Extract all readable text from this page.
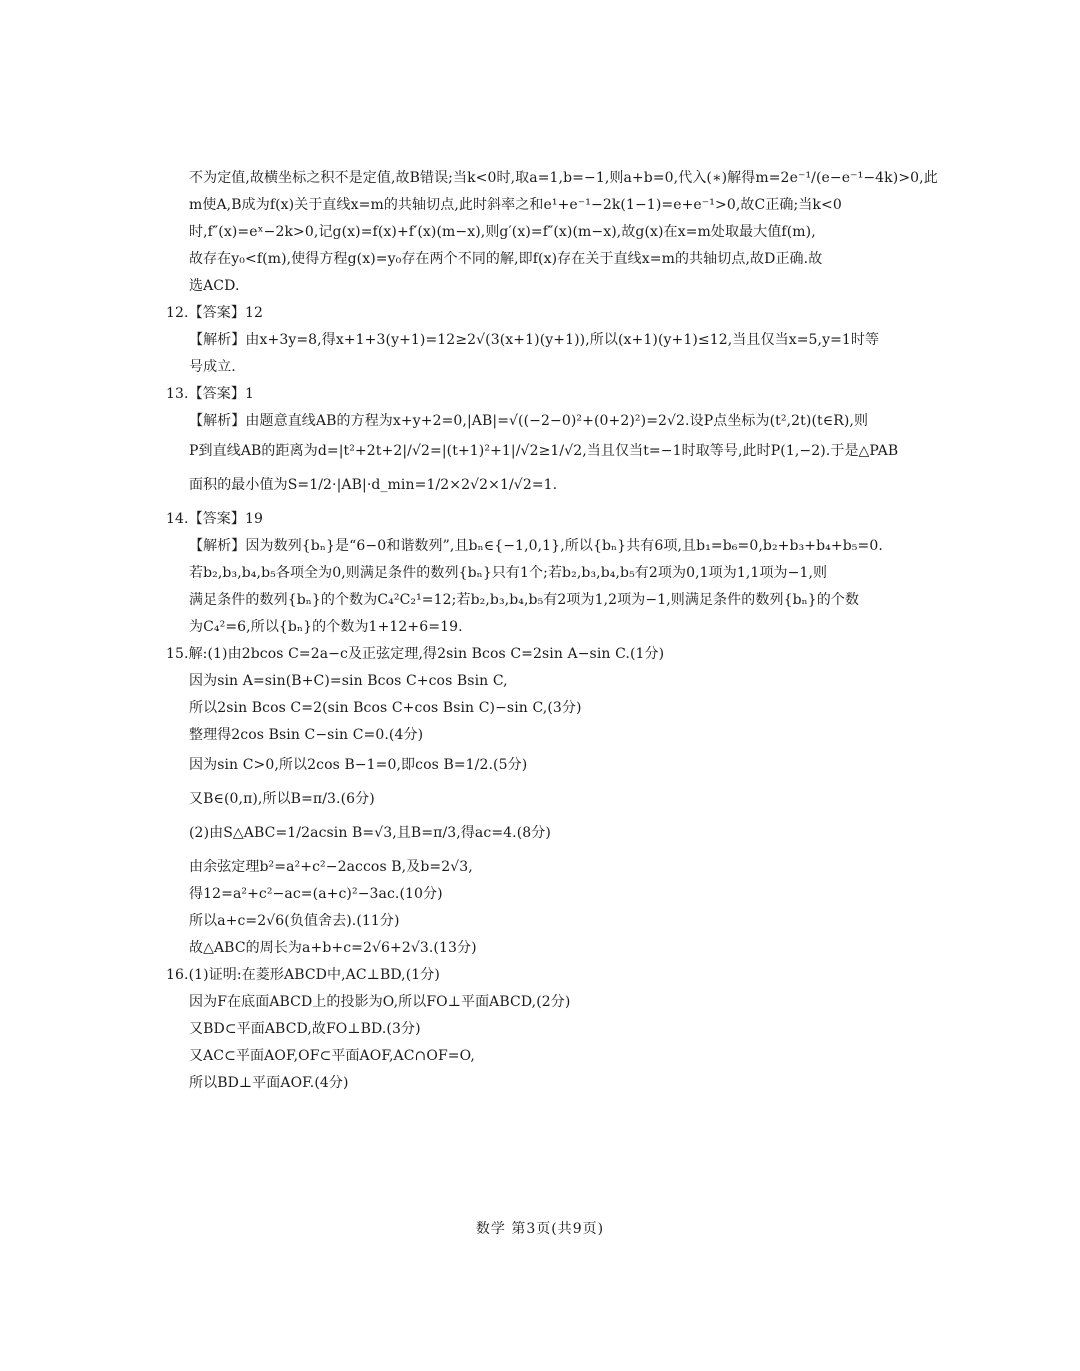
不为定值,故横坐标之积不是定值,故B错误;当k<0时,取a=1,b=−1,则a+b=0,代入(∗)解得m=2e⁻¹/(e−e⁻¹−4k)>0,此
m使A,B成为f(x)关于直线x=m的共轴切点,此时斜率之和e¹+e⁻¹−2k(1−1)=e+e⁻¹>0,故C正确;当k<0
时,f″(x)=eˣ−2k>0,记g(x)=f(x)+f′(x)(m−x),则g′(x)=f″(x)(m−x),故g(x)在x=m处取最大值f(m),
故存在y₀<f(m),使得方程g(x)=y₀存在两个不同的解,即f(x)存在关于直线x=m的共轴切点,故D正确.故
选ACD.
12.【答案】12
【解析】由x+3y=8,得x+1+3(y+1)=12≥2√(3(x+1)(y+1)),所以(x+1)(y+1)≤12,当且仅当x=5,y=1时等
号成立.
13.【答案】1
【解析】由题意直线AB的方程为x+y+2=0,|AB|=√((−2−0)²+(0+2)²)=2√2.设P点坐标为(t²,2t)(t∈R),则
P到直线AB的距离为d=|t²+2t+2|/√2=|(t+1)²+1|/√2≥1/√2,当且仅当t=−1时取等号,此时P(1,−2).于是△PAB
面积的最小值为S=1/2·|AB|·d_min=1/2×2√2×1/√2=1.
14.【答案】19
【解析】因为数列{bₙ}是“6−0和谐数列”,且bₙ∈{−1,0,1},所以{bₙ}共有6项,且b₁=b₆=0,b₂+b₃+b₄+b₅=0.
若b₂,b₃,b₄,b₅各项全为0,则满足条件的数列{bₙ}只有1个;若b₂,b₃,b₄,b₅有2项为0,1项为1,1项为−1,则
满足条件的数列{bₙ}的个数为C₄²C₂¹=12;若b₂,b₃,b₄,b₅有2项为1,2项为−1,则满足条件的数列{bₙ}的个数
为C₄²=6,所以{bₙ}的个数为1+12+6=19.
15.解:(1)由2bcos C=2a−c及正弦定理,得2sin Bcos C=2sin A−sin C.(1分)
因为sin A=sin(B+C)=sin Bcos C+cos Bsin C,
所以2sin Bcos C=2(sin Bcos C+cos Bsin C)−sin C,(3分)
整理得2cos Bsin C−sin C=0.(4分)
因为sin C>0,所以2cos B−1=0,即cos B=1/2.(5分)
又B∈(0,π),所以B=π/3.(6分)
(2)由S△ABC=1/2acsin B=√3,且B=π/3,得ac=4.(8分)
由余弦定理b²=a²+c²−2accos B,及b=2√3,
得12=a²+c²−ac=(a+c)²−3ac.(10分)
所以a+c=2√6(负值舍去).(11分)
故△ABC的周长为a+b+c=2√6+2√3.(13分)
16.(1)证明:在菱形ABCD中,AC⊥BD,(1分)
因为F在底面ABCD上的投影为O,所以FO⊥平面ABCD,(2分)
又BD⊂平面ABCD,故FO⊥BD.(3分)
又AC⊂平面AOF,OF⊂平面AOF,AC∩OF=O,
所以BD⊥平面AOF.(4分)
数学 第3页(共9页)
